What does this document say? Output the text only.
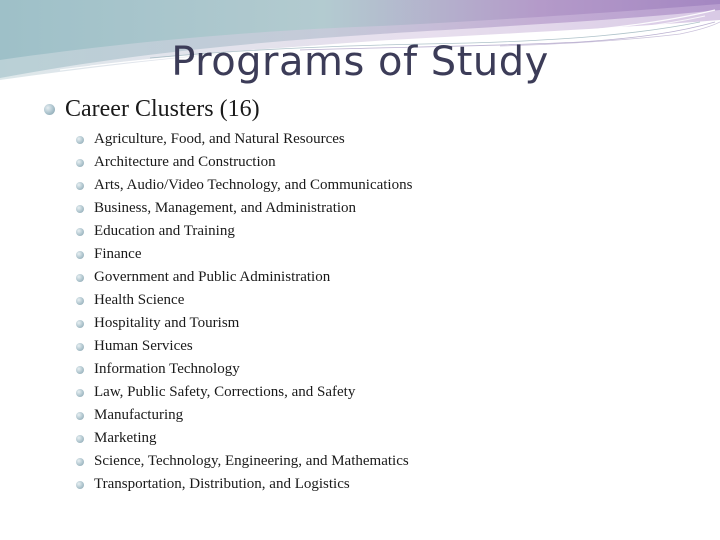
Programs of Study
Career Clusters (16)
Agriculture, Food, and Natural Resources
Architecture and Construction
Arts, Audio/Video Technology, and Communications
Business, Management, and Administration
Education and Training
Finance
Government and Public Administration
Health Science
Hospitality and Tourism
Human Services
Information Technology
Law, Public Safety, Corrections, and Safety
Manufacturing
Marketing
Science, Technology, Engineering, and Mathematics
Transportation, Distribution, and Logistics
